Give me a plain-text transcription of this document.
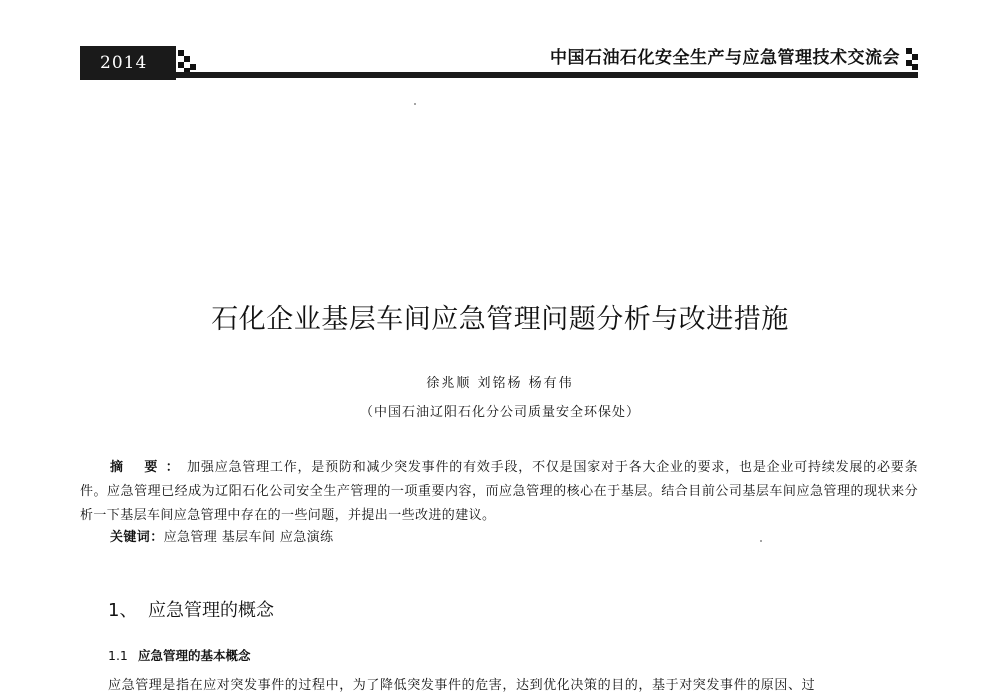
2014	中国石油石化安全生产与应急管理技术交流会
石化企业基层车间应急管理问题分析与改进措施
徐兆顺 刘铭杨 杨有伟
（中国石油辽阳石化分公司质量安全环保处）
摘 要：加强应急管理工作，是预防和减少突发事件的有效手段，不仅是国家对于各大企业的要求，也是企业可持续发展的必要条件。应急管理已经成为辽阳石化公司安全生产管理的一项重要内容，而应急管理的核心在于基层。结合目前公司基层车间应急管理的现状来分析一下基层车间应急管理中存在的一些问题，并提出一些改进的建议。
关键词：应急管理 基层车间 应急演练
1、 应急管理的概念
1.1 应急管理的基本概念
应急管理是指在应对突发事件的过程中，为了降低突发事件的危害，达到优化决策的目的，基于对突发事件的原因、过
